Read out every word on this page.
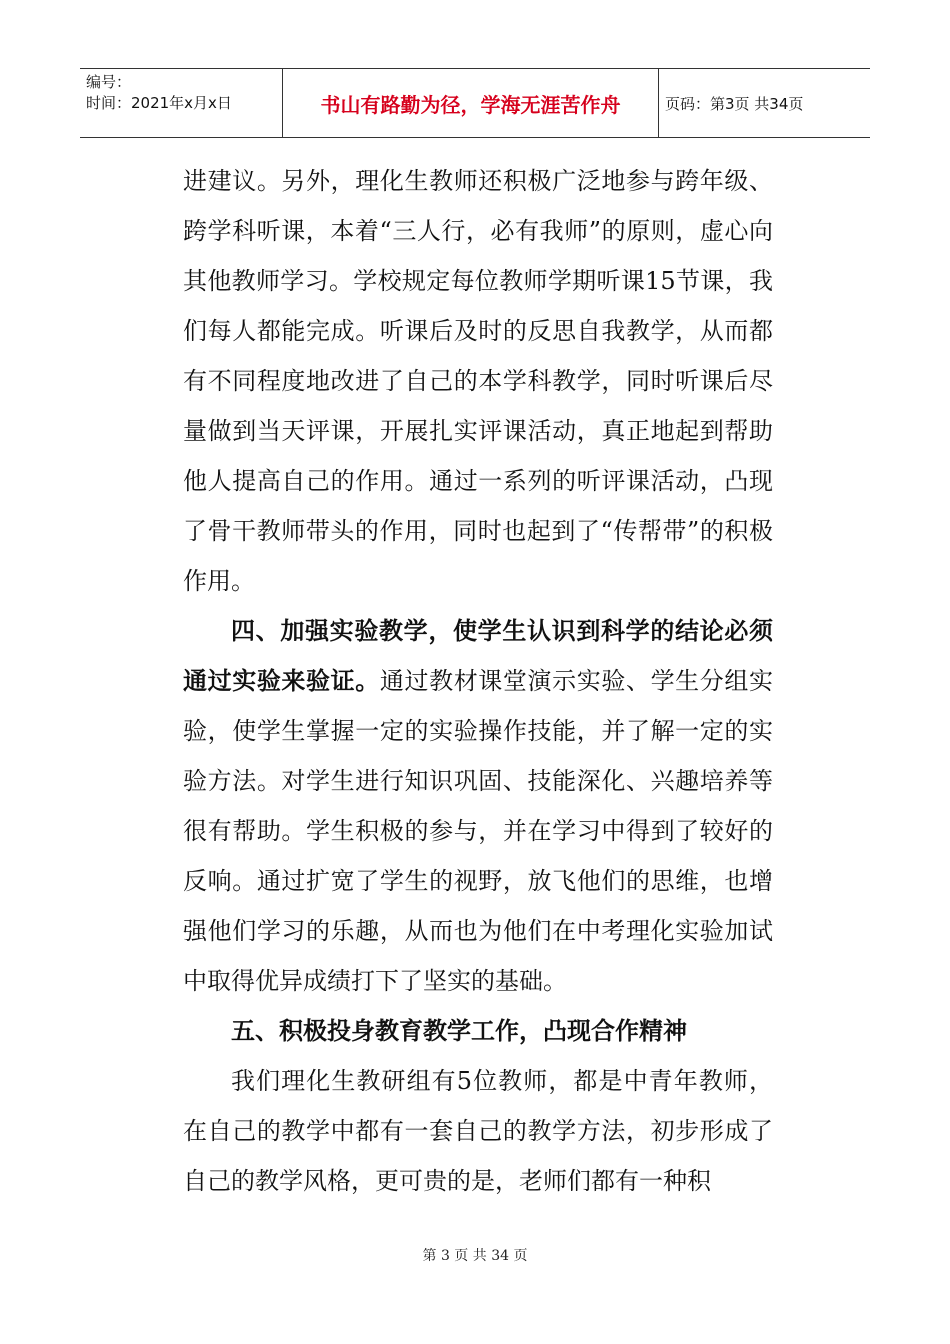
编号：
时间：2021年x月x日	书山有路勤为径，学海无涯苦作舟	页码：第3页 共34页

进建议。另外，理化生教师还积极广泛地参与跨年级、跨学科听课，本着“三人行，必有我师”的原则，虚心向其他教师学习。学校规定每位教师学期听课15节课，我们每人都能完成。听课后及时的反思自我教学，从而都有不同程度地改进了自己的本学科教学，同时听课后尽量做到当天评课，开展扎实评课活动，真正地起到帮助他人提高自己的作用。通过一系列的听评课活动，凸现了骨干教师带头的作用，同时也起到了“传帮带”的积极作用。

四、加强实验教学，使学生认识到科学的结论必须通过实验来验证。通过教材课堂演示实验、学生分组实验，使学生掌握一定的实验操作技能，并了解一定的实验方法。对学生进行知识巩固、技能深化、兴趣培养等很有帮助。学生积极的参与，并在学习中得到了较好的反响。通过扩宽了学生的视野，放飞他们的思维，也增强他们学习的乐趣，从而也为他们在中考理化实验加试中取得优异成绩打下了坚实的基础。

五、积极投身教育教学工作，凸现合作精神

我们理化生教研组有5位教师，都是中青年教师，在自己的教学中都有一套自己的教学方法，初步形成了自己的教学风格，更可贵的是，老师们都有一种积

第 3 页 共 34 页
